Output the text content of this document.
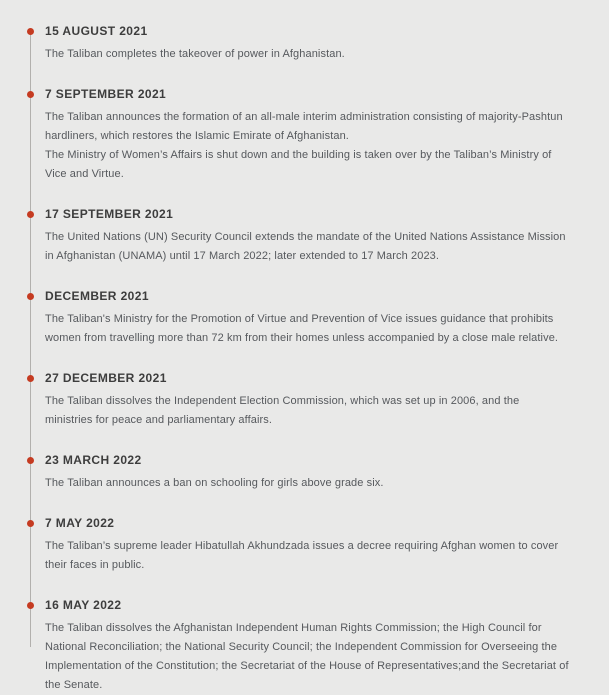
15 AUGUST 2021

The Taliban completes the takeover of power in Afghanistan.

7 SEPTEMBER 2021

The Taliban announces the formation of an all-male interim administration consisting of majority-Pashtun hardliners, which restores the Islamic Emirate of Afghanistan.

The Ministry of Women’s Affairs is shut down and the building is taken over by the Taliban’s Ministry of Vice and Virtue.

17 SEPTEMBER 2021

The United Nations (UN) Security Council extends the mandate of the United Nations Assistance Mission in Afghanistan (UNAMA) until 17 March 2022; later extended to 17 March 2023.

DECEMBER 2021

The Taliban's Ministry for the Promotion of Virtue and Prevention of Vice issues guidance that prohibits women from travelling more than 72 km from their homes unless accompanied by a close male relative.

27 DECEMBER 2021

The Taliban dissolves the Independent Election Commission, which was set up in 2006, and the ministries for peace and parliamentary affairs.

23 MARCH 2022

The Taliban announces a ban on schooling for girls above grade six.

7 MAY 2022

The Taliban’s supreme leader Hibatullah Akhundzada issues a decree requiring Afghan women to cover their faces in public.

16 MAY 2022

The Taliban dissolves the Afghanistan Independent Human Rights Commission; the High Council for National Reconciliation; the National Security Council; the Independent Commission for Overseeing the Implementation of the Constitution; the Secretariat of the House of Representatives;and the Secretariat of the Senate.
